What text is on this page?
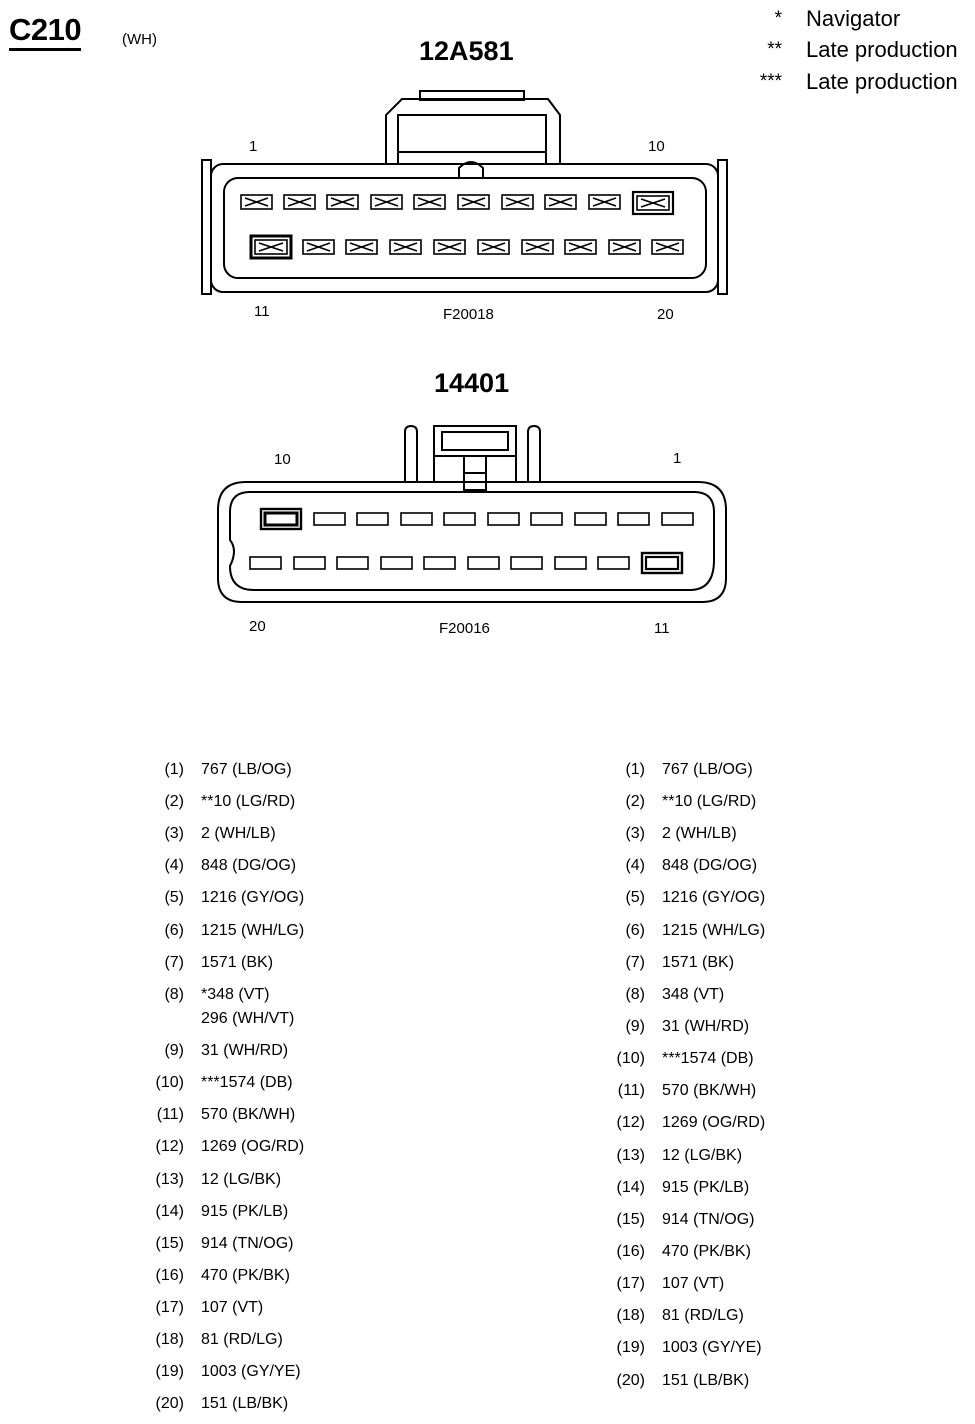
C210	(WH)
* Navigator
** Late production
*** Late production
12A581
1	10
11	20
F20018
14401
10	1
20	11
F20016
(1) 767 (LB/OG)
(2) **10 (LG/RD)
(3) 2 (WH/LB)
(4) 848 (DG/OG)
(5) 1216 (GY/OG)
(6) 1215 (WH/LG)
(7) 1571 (BK)
(8) *348 (VT)
296 (WH/VT)
(9) 31 (WH/RD)
(10) ***1574 (DB)
(11) 570 (BK/WH)
(12) 1269 (OG/RD)
(13) 12 (LG/BK)
(14) 915 (PK/LB)
(15) 914 (TN/OG)
(16) 470 (PK/BK)
(17) 107 (VT)
(18) 81 (RD/LG)
(19) 1003 (GY/YE)
(20) 151 (LB/BK)
(1) 767 (LB/OG)
(2) **10 (LG/RD)
(3) 2 (WH/LB)
(4) 848 (DG/OG)
(5) 1216 (GY/OG)
(6) 1215 (WH/LG)
(7) 1571 (BK)
(8) 348 (VT)
(9) 31 (WH/RD)
(10) ***1574 (DB)
(11) 570 (BK/WH)
(12) 1269 (OG/RD)
(13) 12 (LG/BK)
(14) 915 (PK/LB)
(15) 914 (TN/OG)
(16) 470 (PK/BK)
(17) 107 (VT)
(18) 81 (RD/LG)
(19) 1003 (GY/YE)
(20) 151 (LB/BK)
